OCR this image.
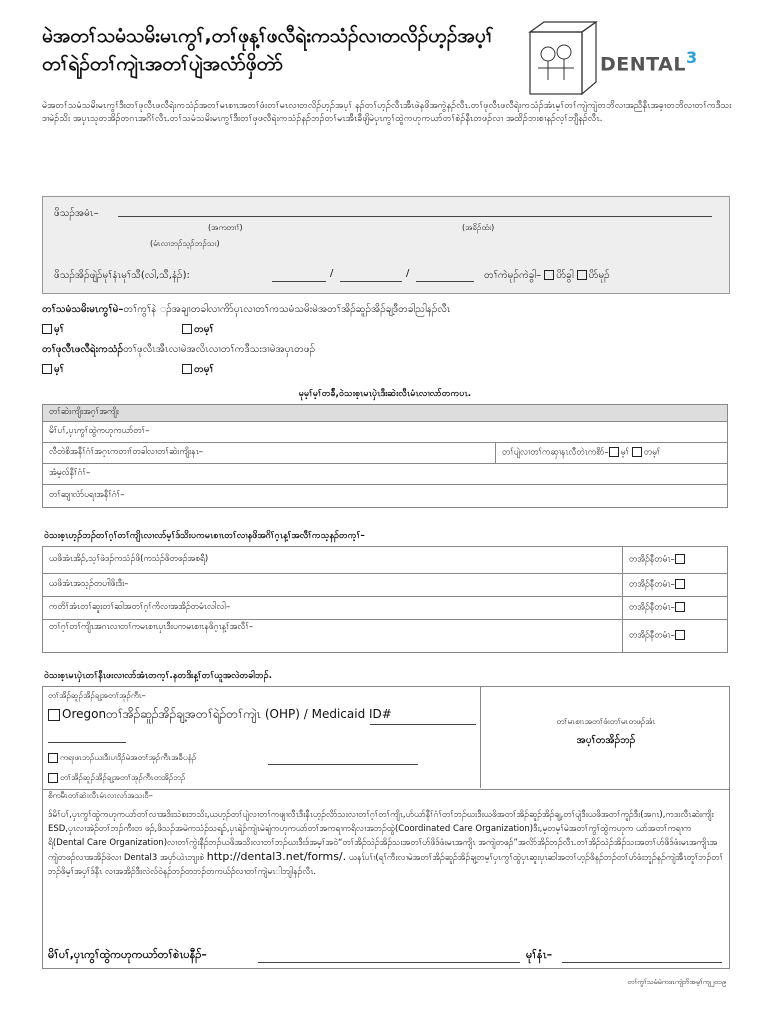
မဲအတၢ်သမံသမိးမၤကွၢ်,တၢ်ဖုန့ၢ်ဖလီရဲးကသံၣ်လၢတလိၣ်ဟ့ၣ်အပ့ၢ်တၢ်ရဲၣ်တၢ်ကျဲၤအတၢ်ပျဲအလံာ်ဖှိတဲာ်	DENTAL$^3$
မဲအတၢ်သမံသမိးမၤကွၢ်ဒီးတၢ်ဖုလီၤဖလီရဲးကသံၣ်အတၢ်မၤစၢၤအတၢ်ဖံးတၢ်မၤလၢတလိၣ်ဟ့ၣ်အပ့ၢ် နၣ်တၢ်ဟ့ၣ်လီၤအီၤဖဲနဖိအကွဲနၣ်လီၤ.တၢ်ဖုလီၤဖလီရဲးကသံၣ်အံၤမ့ၢ်တၢ်ကျဲကျဲတဘိလၢအညီနီၤအခ့ၢတဘိလၢတၢ်ကဒီသးဒၢမဲၣ်သိး အပှၤသုတအိၣ်တဂၤအဂိၢ်လီၤ.တၢ်သမံသမိးမၤကွၢ်ဒီးတၢ်ဖုဖလီရဲးကသံၣ်နၣ်ဘၣ်တၢ်မၤအီၤခီဖျိမဲပှၤကွၢ်ထွဲကဟုကယာ်တၢ်စဲၣ်နီၤတဖၣ်လၢ အထိၣ်ဘးစၢနၣ်လ့ၢ်ဘျီနၣ်လီၤ.
ဖိသၣ်အမံၤ–
(အကတၢၢ်)	(အခိၣ်ထံး)
(မံၤလၢဘၣ်သ့ၣ်ဘၣ်သး)
ဖိသၣ်အိၣ်ဖျဲၣ်မုၢ်နံၤမုၢ်သီ(လါ,သီ,နံၣ်):	/	/	တၢ်ကဲမုၣ်ကဲခွါ– ပိာ်ခွါ ပိာ်မုၣ်
တၢ်သမံသမိးမၤကွၢ်မဲ–တၢ်ကွၢ်နဲ ၣ်အချၢတခါလၢကိာ်ပှၤလၢတၢ်ကသမံသမိးမဲအတၢ်အိၣ်ဆူၣ်အိၣ်ချ့ဒီတခါညါနၣ်လီၤ
မ့ၢ်	တမ့ၢ်
တၢ်ဖုလီၤဖလီရဲးကသံၣ်တၢ်ဖုလီၤအီၤလၢမဲအလိၤလၢတၢ်ကဒီသးဒၢမဲအပှၤတဖၣ်
မ့ၢ်	တမ့ၢ်
မုမ့ၢ်မ့ၢ်တခ်ီ,ဝဲသးစ့ၤမၤပှဲၤဒီးဆဲးလီၤမံၤလၢလာ်တကပၤ.
တၢ်ဆဲးကျိးအဂ့ၢ်အကျိး
မိၢ်ပၢ်,ပှၤကွၢ်ထွဲကဟုကယာ်တၢ်–
လီတဲစိအနီၢ်ဂံၢ်အဂ့ၤကတၢၢ်တခါလၢတၢ်ဆဲးကျိးနၤ–	တၢ်ပျဲလၢတၢ်ကဆှၢနၤလီတဲၤကစိာ်– မ့ၢ် တမ့ၢ်
အံမ့လ်နီၢ်ဂံၢ်–
တၢ်ဆျၢလံာ်ပရၢအနီၢ်ဂံၢ်–
ဝဲသးစ့ၤဟ့ၣ်ဘၣ်တၢ်ဂ့ၢ်တၢ်ကျိၤလၢလာ်မ့ၢ်ဒ်သိးပကမၤစၢၤတၢ်လၢနဖိအဂိၢ်ဂ့ၤန့ၢ်အလီၢ်ကသ့နၣ်တက့ၢ်–
ယဖိအံၤအိၣ်,သ့ၢ်ဖဲဒၣ်ကသံၣ်ဖိ(ကသံၣ်ဖိတဖၣ်အစရီ)	တအိၣ်နီတမံၤ–
ယဖိအံၤအသ့ၣ်တပၢါဖိးဒီး–	တအိၣ်နီတမံၤ–
ကတိၢ်အံၤတၢ်ဆူးတၢ်ဆါအတၢ်ဂ့ၢ်ကိလၢအအိၣ်တမံၤလါလါ–	တအိၣ်နီတမံၤ–
တၢ်ဂ့ၢ်တၢ်ကျိၤအဂၤလၢတၢ်ကမၤစၢၤပှၤဒီးပကမၤစၢၤနဖိဂ့ၤန့ၢ်အလီၢ်–	တအိၣ်နီတမံၤ–
ဝဲသးစ့ၤမၤပှဲၤတၢ်နီၤဖးလၢလာ်အံၤတက့ၢ်.နတဒိးန့ၢ်တၢ်ယူအလဲတခါဘၣ်.
တၢ်အိၣ်ဆူၣ်အိၣ်ချ့အတၢ်အုၣ်ကီၤ–
Oregonတၢ်အိၣ်ဆူၣ်အိၣ်ချ့အတၢ်ရဲၣ်တၢ်ကျဲၤ (OHP) / Medicaid ID#
ကရၢဖၤဘၣ်ယးဒီးပၢဒိၣ်မဲအတၢ်အုၣ်ကီၤအခီပနံၣ်
တၢ်အိၣ်ဆူၣ်အိၣ်ချ့အတၢ်အုၣ်ကီၤတအိၣ်ဘၣ်
တၢ်မၤစၢၤအတၢ်ဖံးတၢ်မၤတဖၣ်အံၤ
အပ့ၢ်တအိၣ်ဘၣ်
စိကမီၤတၢ်ဆဲးလီၤမံၤလၢလာ်အသးဝီ–
ဒ်မိၢ်ပၢ်,ပှၤကွၢ်ထွဲကဟုကယာ်တၢ်လၢအဒိးသဲစးဘသိး,ယဟ့ၣ်တၢ်ပျဲလၢတၢ်ကဖျၢလီၤဒီးနီၤဟ့ၣ်လိာ်သးလၢတၢ်ဂ့ၢ်တၢ်ကျိၤ,ဟ်ယာ်နီၢ်ဂံၢ်တၢ်ဘၣ်ဃးဒီးယဖိအတၢ်အိၣ်ဆူၣ်အိၣ်ချ့,တၢ်ပျဲဒီးယဖိအတၢ်ကူၣ်ဒီး(အဂၤ),ကဒးလီၤဆဲးကျိး ESD,ပှၤလၢအဲၣ်တၢ်ဘၣ်ကီးတ ဖၣ်,ဖိသၣ်အမဲကသံၣ်သရၣ်,ပှၤရဲၣ်ကျဲၤမဲချံကဟုကယာ်တၢ်အကရၢကရိလၢအဘၣ်ထွဲ(Coordinated Care Organization)ဒီး,မ့တမ့ၢ်မဲအတၢ်ကွၢ်ထွဲကဟုက ယာ်အတၢ်ကရၢကရိ(Dental Care Organization)လၢတၢ်ကွဲးနီၣ်ဘၣ်ယဖိအသိးလၢတၢ်ဘၣ်ဃးဒီးဒ်အမ့ၢ်အဝဲ“တၢ်အိၣ်သဲၣ်အိၣ်သးအတၢ်ဟ်ဖိဒ်ဖံးမၤအကျိၤ အကျဲတဖၣ်”အလိာ်အိၣ်ဘၣ်လီၤ.တၢ်အိၣ်သဲၣ်အိၣ်သးအတၢ်ဟ်ဖိဒ်ဖံးမၤအကျိၤအကျဲတဖၣ်လၢအအိၣ်ဖဲလၢ Dental3 အပှာ်ယဲၤဘျးစဲ http://dental3.net/forms/. ယနၤ်ပၢ်ၢ(ရၢ်ကီးလၢမဲအတၢ်အိၣ်ဆူၣ်အိၣ်ချ့တမ့ၢ်ပှၤကွၢ်ထွဲပှၤဆူးပှၤဆါအတၢ်ဟ့ၣ်ဖိနၣ်ဘၣ်တၢ်ဟ်ဖံးဘူၣ်နၣ်ကျဲအီၤတူၢ်ဘၣ်တၢ်ဘၣ်ဖိမ့ၢ်အပှၢ်ဒ်နီၤ လၢအအိၣ်ဒီးလဲလ်ဝဲနၣ်ဘၣ်တဘၣ်တကယ်ၣ်လၢတၢ်ကျဲမၤါဘျါနၣ်လီၤ.
မိၢ်ပၢ်,ပှၤကွၢ်ထွဲကဟုကယာ်တၢ်စဲၤပနီၣ်–	မုၢ်နံၤ–
တၢ်ကွၢ်သမံမဲကဒၤကျဲဘိအမ့ၢ်ကျ၂၀၁၉
